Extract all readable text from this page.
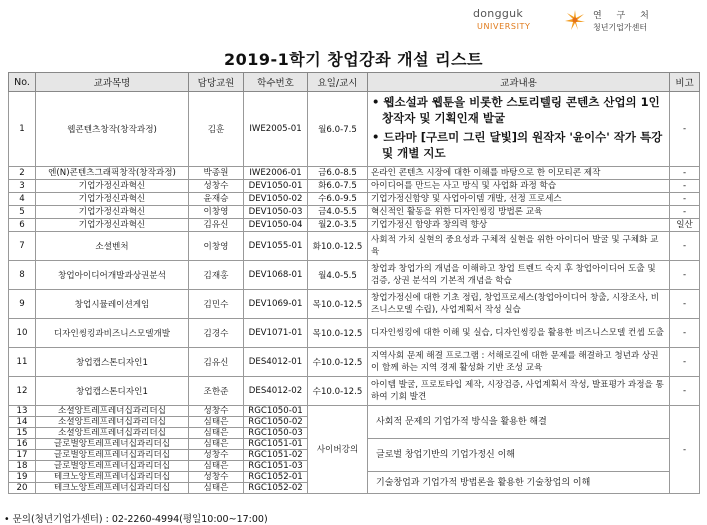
dongguk
UNIVERSITY
연 구 처
청년기업가센터
2019-1학기 창업강좌 개설 리스트
No.	교과목명	담당교원	학수번호	요일/교시	교과내용	비고
1	웹콘텐츠창작(창작과정)	김훈	IWE2005-01	월6.0-7.5	• 웹소설과 웹툰을 비롯한 스토리텔링 콘텐츠 산업의 1인 창작자 및 기획인재 발굴
• 드라마 [구르미 그린 달빛]의 원작자 '윤이수' 작가 특강 및 개별 지도	-
2	엔(N)콘텐츠그래픽창작(창작과정)	박종원	IWE2006-01	금6.0-8.5	온라인 콘텐츠 시장에 대한 이해를 바탕으로 한 이모티콘 제작	-
3	기업가정신과혁신	성창수	DEV1050-01	화6.0-7.5	아이디어를 만드는 사고 방식 및 사업화 과정 학습	-
4	기업가정신과혁신	윤재승	DEV1050-02	수6.0-9.5	기업가정신함양 및 사업아이템 개발, 선정 프로세스	-
5	기업가정신과혁신	이창영	DEV1050-03	금4.0-5.5	혁신적인 활동을 위한 디자인씽킹 방법론 교육	-
6	기업가정신과혁신	김유신	DEV1050-04	월2.0-3.5	기업가정신 함양과 창의력 향상	일산
7	소셜벤처	이창영	DEV1055-01	화10.0-12.5	사회적 가치 실현의 중요성과 구체적 실현을 위한 아이디어 발굴 및 구체화 교육	-
8	창업아이디어개발과상권분석	김재홍	DEV1068-01	월4.0-5.5	창업과 창업가의 개념을 이해하고 창업 트렌드 숙지 후 창업아이디어 도출 및 검증, 상권 분석의 기본적 개념을 학습	-
9	창업시뮬레이션게임	김민수	DEV1069-01	목10.0-12.5	창업가정신에 대한 기초 정립, 창업프로세스(창업아이디어 창출, 시장조사, 비즈니스모델 수립), 사업계획서 작성 실습	-
10	디자인씽킹과비즈니스모델개발	김경수	DEV1071-01	목10.0-12.5	디자인씽킹에 대한 이해 및 실습, 디자인씽킹을 활용한 비즈니스모델 컨셉 도출	-
11	창업캡스톤디자인1	김유신	DES4012-01	수10.0-12.5	지역사회 문제 해결 프로그램 : 서해로길에 대한 문제를 해결하고 청년과 상권이 함께 하는 지역 경제 활성화 기반 조성 교육	-
12	창업캡스톤디자인1	조한준	DES4012-02	수10.0-12.5	아이템 발굴, 프로토타입 제작, 시장검증, 사업계획서 작성, 발표평가 과정을 통하여 기회 발견	-
13	소셜앙트레프레너십과리더십	성창수	RGC1050-01	사이버강의	사회적 문제의 기업가적 방식을 활용한 해결	-
14	소셜앙트레프레너십과리더십	심태은	RGC1050-02			
15	소셜앙트레프레너십과리더십	심태은	RGC1050-03			
16	글로벌앙트레프레너십과리더십	심태은	RGC1051-01		글로벌 창업기반의 기업가정신 이해	
17	글로벌앙트레프레너십과리더십	성창수	RGC1051-02			
18	글로벌앙트레프레너십과리더십	심태은	RGC1051-03			
19	테크노앙트레프레너십과리더십	성창수	RGC1052-01		기술창업과 기업가적 방법론을 활용한 기술창업의 이해	
20	테크노앙트레프레너십과리더십	심태은	RGC1052-02			
• 문의(청년기업가센터) : 02-2260-4994(평일10:00~17:00)
